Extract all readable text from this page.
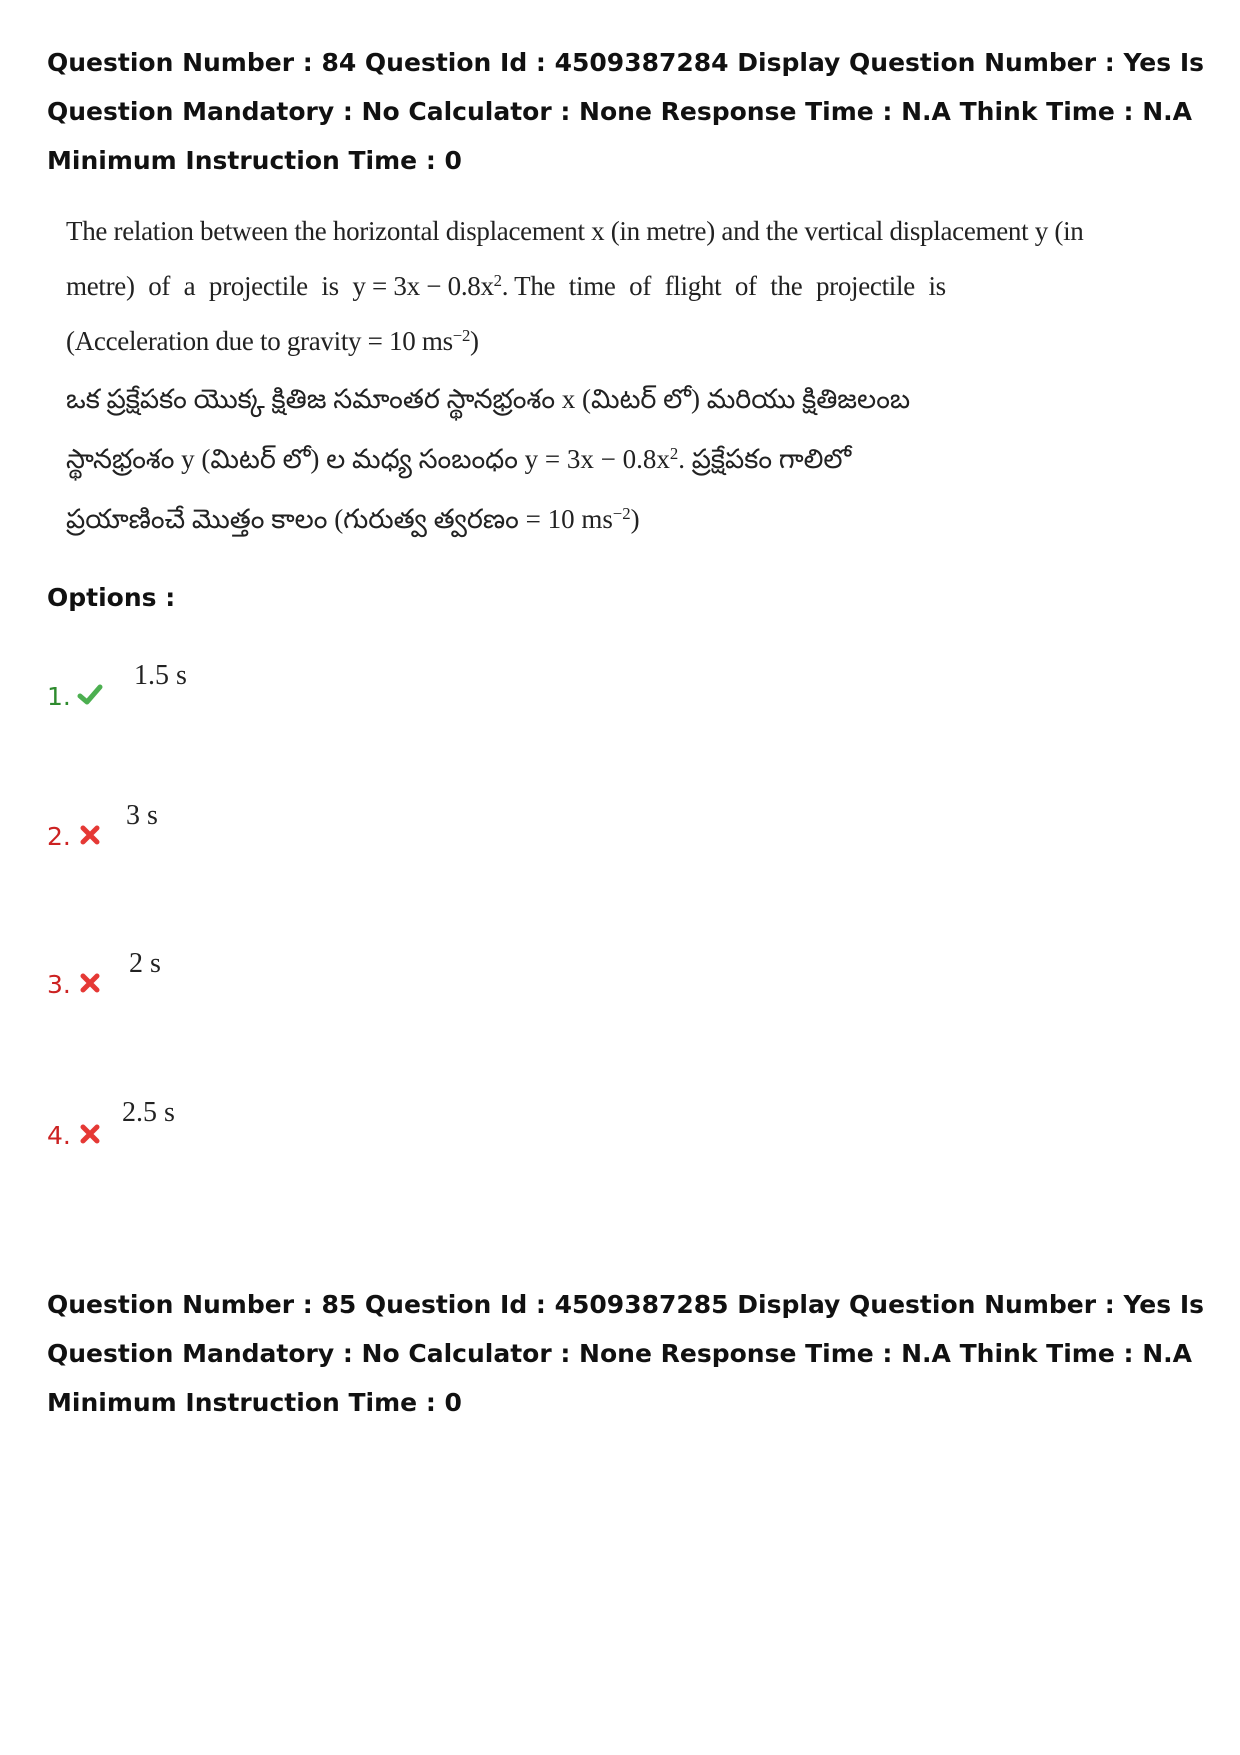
Question Number : 84 Question Id : 4509387284 Display Question Number : Yes Is Question Mandatory : No Calculator : None Response Time : N.A Think Time : N.A Minimum Instruction Time : 0
The relation between the horizontal displacement x (in metre) and the vertical displacement y (in
metre) of a projectile is $y = 3x - 0.8x^2$. The time of flight of the projectile is
(Acceleration due to gravity = 10 $ms^{-2}$)
ఒక ప్రక్షేపకం యొక్క క్షితిజ సమాంతర స్థానభ్రంశం x (మిటర్ లో) మరియు క్షితిజలంబ
స్థానభ్రంశం y (మిటర్ లో) ల మధ్య సంబంధం $y = 3x - 0.8x^2$. ప్రక్షేపకం గాలిలో
ప్రయాణించే మొత్తం కాలం (గురుత్వ త్వరణం = 10 $ms^{-2}$)
Options :
1.
1.5 s
2.
3 s
3.
2 s
4.
2.5 s
Question Number : 85 Question Id : 4509387285 Display Question Number : Yes Is Question Mandatory : No Calculator : None Response Time : N.A Think Time : N.A Minimum Instruction Time : 0
